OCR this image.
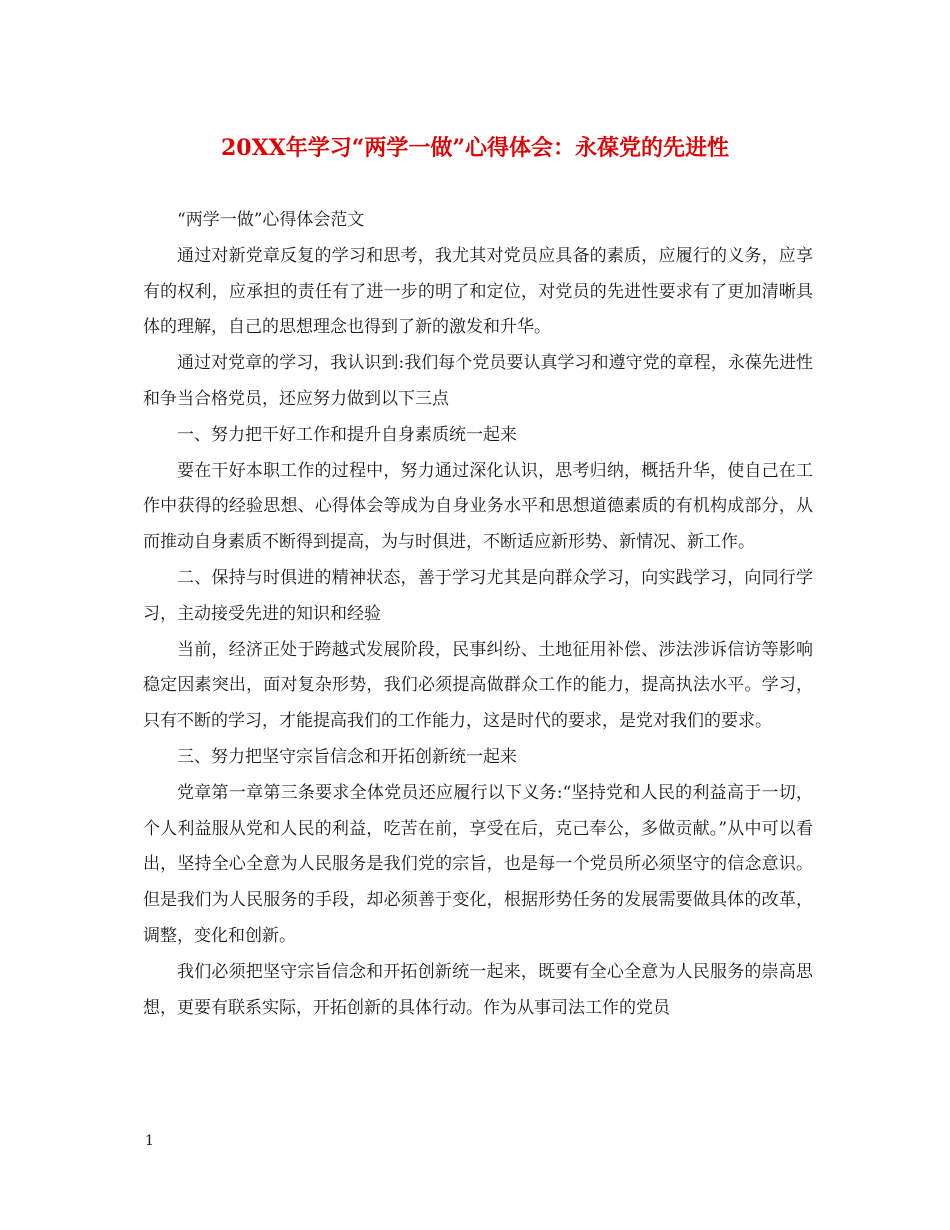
20XX年学习“两学一做”心得体会：永葆党的先进性

“两学一做”心得体会范文

通过对新党章反复的学习和思考，我尤其对党员应具备的素质，应履行的义务，应享有的权利，应承担的责任有了进一步的明了和定位，对党员的先进性要求有了更加清晰具体的理解，自己的思想理念也得到了新的激发和升华。

通过对党章的学习，我认识到:我们每个党员要认真学习和遵守党的章程，永葆先进性和争当合格党员，还应努力做到以下三点

一、努力把干好工作和提升自身素质统一起来

要在干好本职工作的过程中，努力通过深化认识，思考归纳，概括升华，使自己在工作中获得的经验思想、心得体会等成为自身业务水平和思想道德素质的有机构成部分，从而推动自身素质不断得到提高，为与时俱进，不断适应新形势、新情况、新工作。

二、保持与时俱进的精神状态，善于学习尤其是向群众学习，向实践学习，向同行学习，主动接受先进的知识和经验

当前，经济正处于跨越式发展阶段，民事纠纷、土地征用补偿、涉法涉诉信访等影响稳定因素突出，面对复杂形势，我们必须提高做群众工作的能力，提高执法水平。学习，只有不断的学习，才能提高我们的工作能力，这是时代的要求，是党对我们的要求。

三、努力把坚守宗旨信念和开拓创新统一起来

党章第一章第三条要求全体党员还应履行以下义务:“坚持党和人民的利益高于一切，个人利益服从党和人民的利益，吃苦在前，享受在后，克己奉公，多做贡献。”从中可以看出，坚持全心全意为人民服务是我们党的宗旨，也是每一个党员所必须坚守的信念意识。但是我们为人民服务的手段，却必须善于变化，根据形势任务的发展需要做具体的改革，调整，变化和创新。

我们必须把坚守宗旨信念和开拓创新统一起来，既要有全心全意为人民服务的崇高思想，更要有联系实际，开拓创新的具体行动。作为从事司法工作的党员

1
